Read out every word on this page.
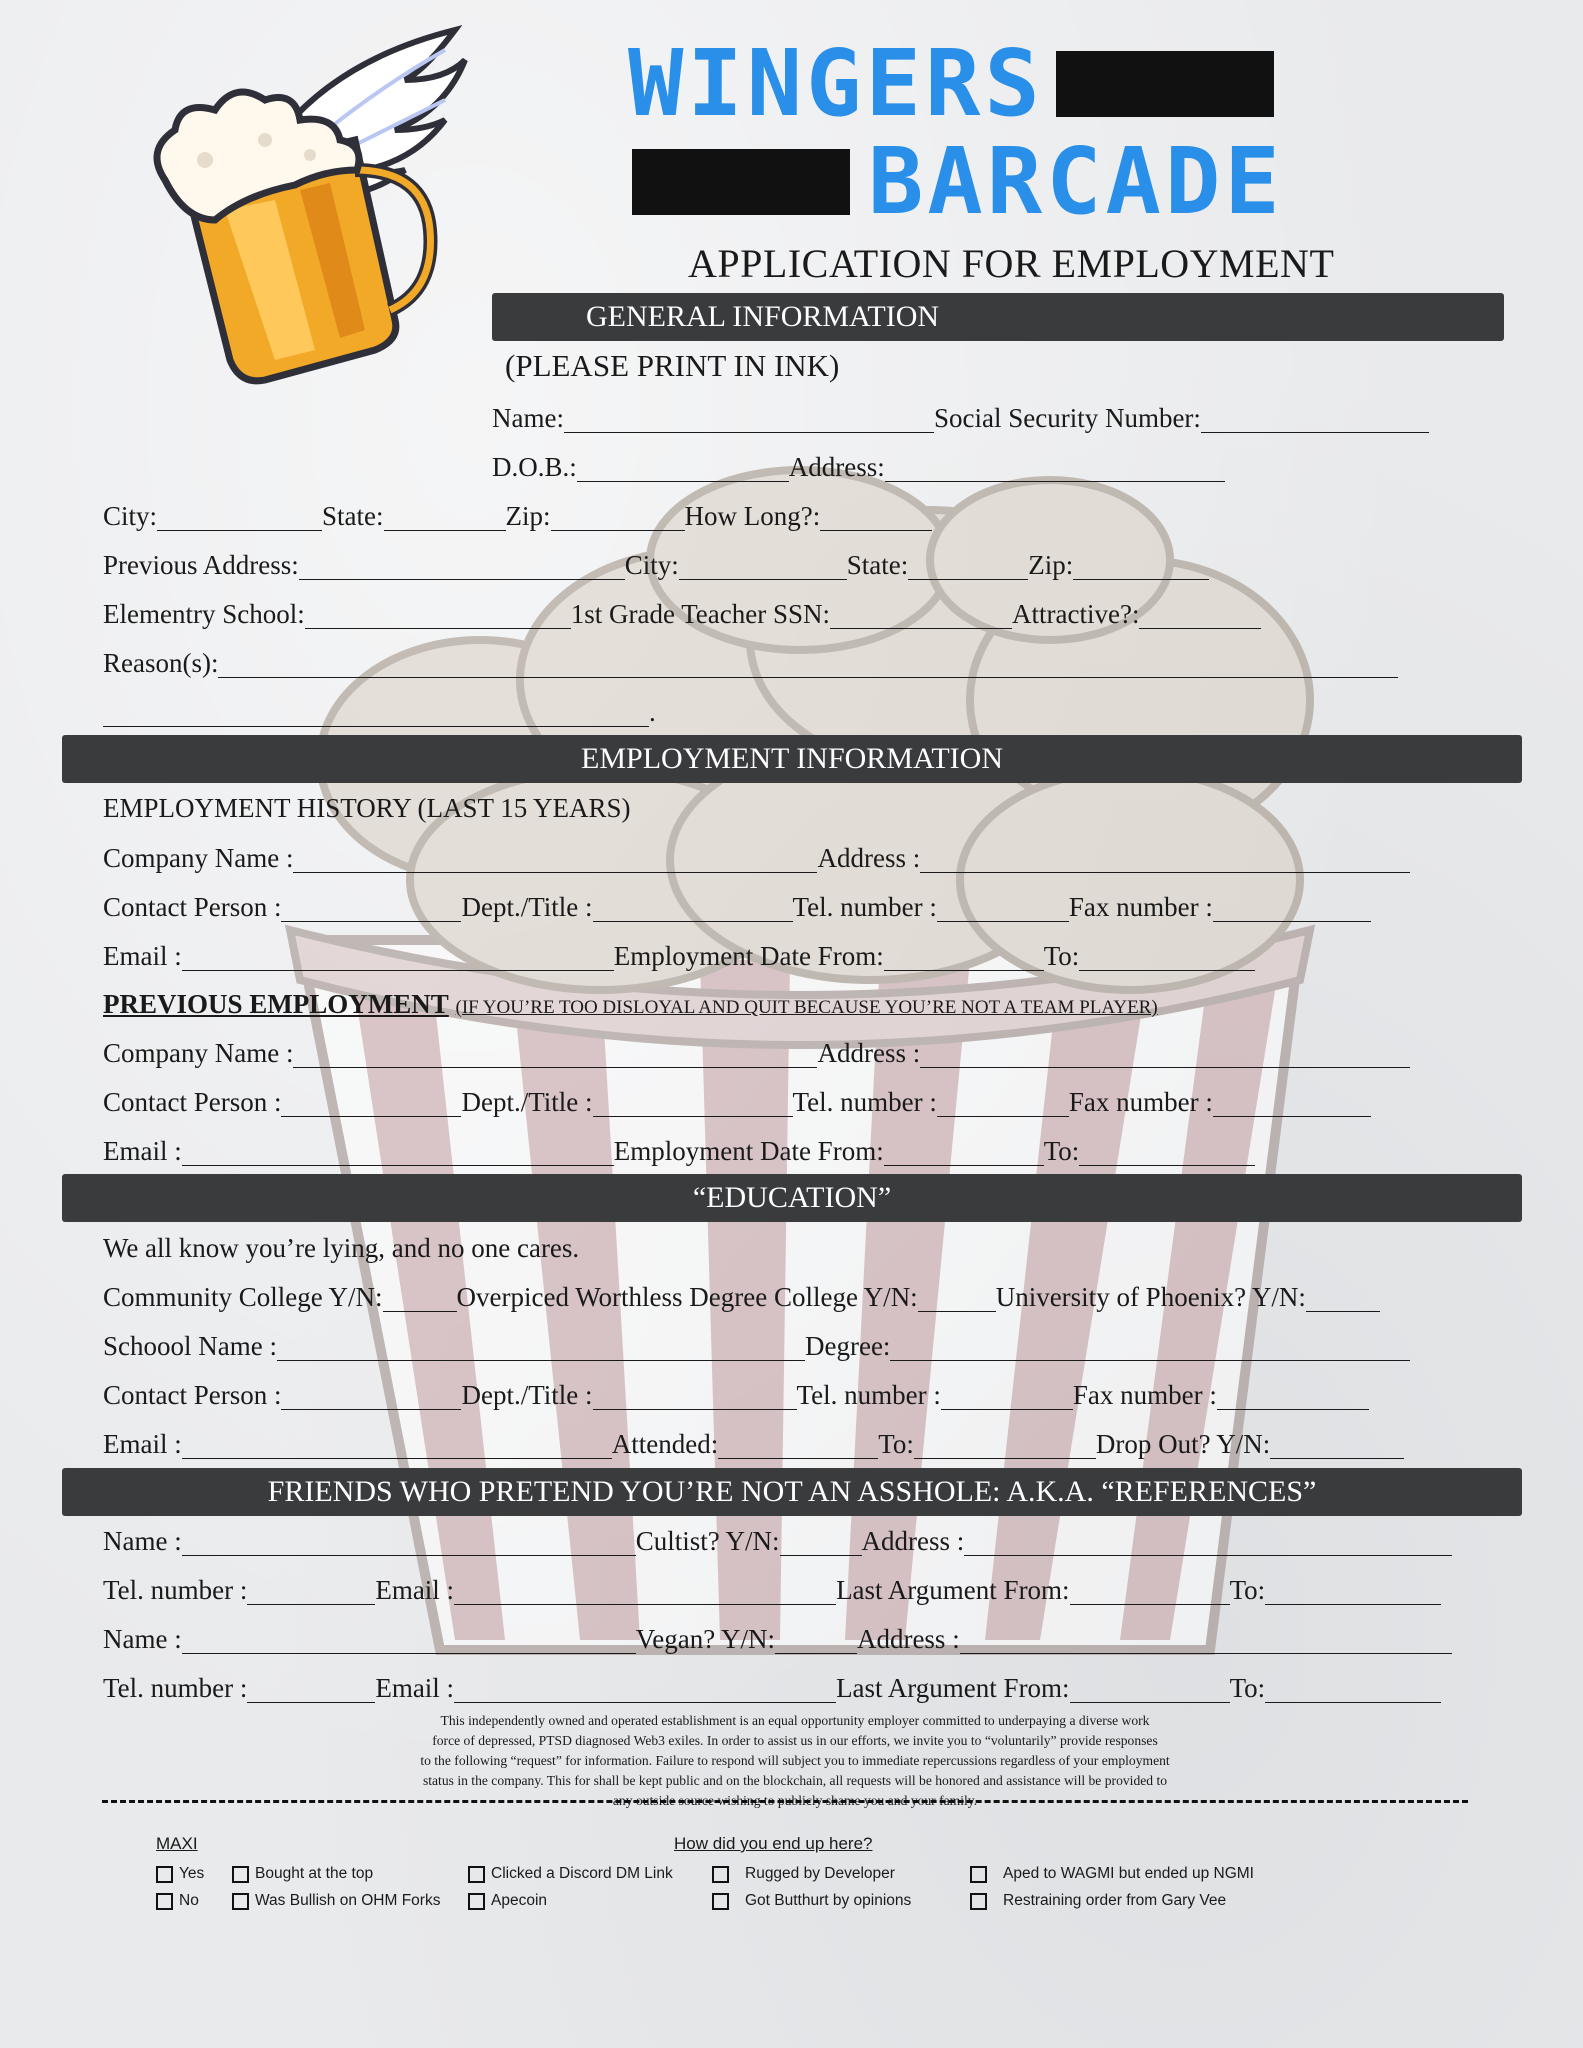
WINGERS
BARCADE
APPLICATION FOR EMPLOYMENT
GENERAL INFORMATION
(PLEASE PRINT IN INK)
Name:	Social Security Number:
D.O.B.:	Address:
City:	State:	Zip:	How Long?:
Previous Address:	City:	State:	Zip:
Elementry School:	1st Grade Teacher SSN:	Attractive?:
Reason(s):
.
EMPLOYMENT INFORMATION
EMPLOYMENT HISTORY (LAST 15 YEARS)
Company Name :	Address :
Contact Person :	Dept./Title :	Tel. number :	Fax number :
Email :	Employment Date From:	To:
PREVIOUS EMPLOYMENT (IF YOU’RE TOO DISLOYAL AND QUIT BECAUSE YOU’RE NOT A TEAM PLAYER)
Company Name :	Address :
Contact Person :	Dept./Title :	Tel. number :	Fax number :
Email :	Employment Date From:	To:
“EDUCATION”
We all know you’re lying, and no one cares.
Community College Y/N:	Overpiced Worthless Degree College Y/N:	University of Phoenix? Y/N:
Schoool Name :	Degree:
Contact Person :	Dept./Title :	Tel. number :	Fax number :
Email :	Attended:	To:	Drop Out? Y/N:
FRIENDS WHO PRETEND YOU’RE NOT AN ASSHOLE: A.K.A. “REFERENCES”
Name :	Cultist? Y/N:	Address :
Tel. number :	Email :	Last Argument From:	To:
Name :	Vegan? Y/N:	Address :
Tel. number :	Email :	Last Argument From:	To:
This independently owned and operated establishment is an equal opportunity employer committed to underpaying a diverse work
force of depressed, PTSD diagnosed Web3 exiles. In order to assist us in our efforts, we invite you to “voluntarily” provide responses
to the following “request” for information. Failure to respond will subject you to immediate repercussions regardless of your employment
status in the company. This for shall be kept public and on the blockchain, all requests will be honored and assistance will be provided to
any outside source wishing to publicly shame you and your family.
MAXI	How did you end up here?
Yes
No
Bought at the top
Was Bullish on OHM Forks
Clicked a Discord DM Link
Apecoin
Rugged by Developer
Got Butthurt by opinions
Aped to WAGMI but ended up NGMI
Restraining order from Gary Vee
